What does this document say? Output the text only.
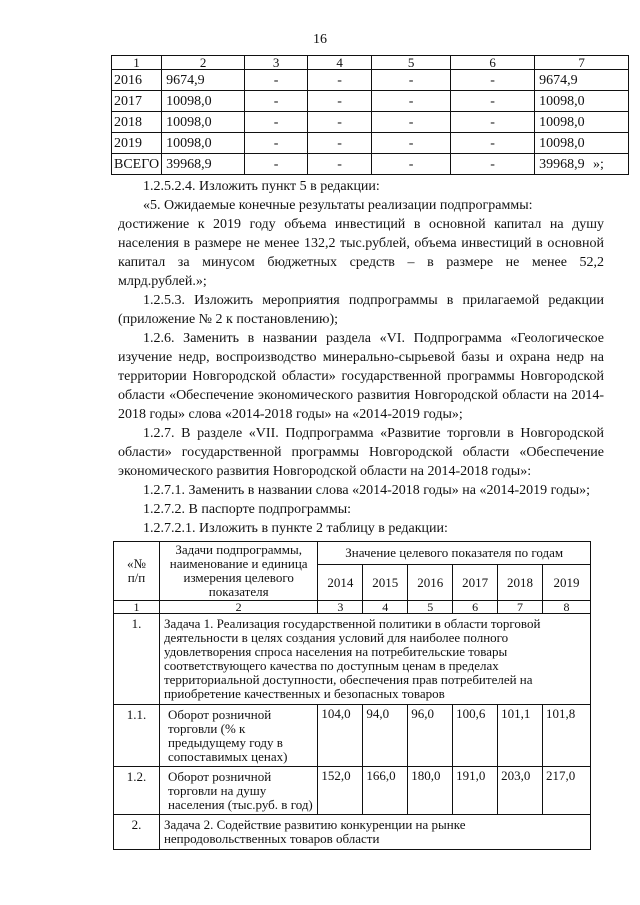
16
1	2	3	4	5	6	7
2016	9674,9	-	-	-	-	9674,9
2017	10098,0	-	-	-	-	10098,0
2018	10098,0	-	-	-	-	10098,0
2019	10098,0	-	-	-	-	10098,0
ВСЕГО	39968,9	-	-	-	-	39968,9 »;

1.2.5.2.4. Изложить пункт 5 в редакции:

«5. Ожидаемые конечные результаты реализации подпрограммы:

достижение к 2019 году объема инвестиций в основной капитал на душу населения в размере не менее 132,2 тыс.рублей, объема инвестиций в основной капитал за минусом бюджетных средств – в размере не менее 52,2 млрд.рублей.»;

1.2.5.3. Изложить мероприятия подпрограммы в прилагаемой редакции (приложение № 2 к постановлению);

1.2.6. Заменить в названии раздела «VI. Подпрограмма «Геологическое изучение недр, воспроизводство минерально-сырьевой базы и охрана недр на территории Новгородской области» государственной программы Новгородской области «Обеспечение экономического развития Новгородской области на 2014-2018 годы» слова «2014-2018 годы» на «2014-2019 годы»;

1.2.7. В разделе «VII. Подпрограмма «Развитие торговли в Новгородской области» государственной программы Новгородской области «Обеспечение экономического развития Новгородской области на 2014-2018 годы»:

1.2.7.1. Заменить в названии слова «2014-2018 годы» на «2014-2019 годы»;

1.2.7.2. В паспорте подпрограммы:

1.2.7.2.1. Изложить в пункте 2 таблицу в редакции:

«№ п/п	Задачи подпрограммы, наименование и единица измерения целевого показателя	Значение целевого показателя по годам					
		2014	2015	2016	2017	2018	2019
1	2	3	4	5	6	7	8
1.	Задача 1. Реализация государственной политики в области торговой деятельности в целях создания условий для наиболее полного удовлетворения спроса населения на потребительские товары соответствующего качества по доступным ценам в пределах территориальной доступности, обеспечения прав потребителей на приобретение качественных и безопасных товаров						
1.1.	Оборот розничной торговли (% к предыдущему году в сопоставимых ценах)	104,0	94,0	96,0	100,6	101,1	101,8
1.2.	Оборот розничной торговли на душу населения (тыс.руб. в год)	152,0	166,0	180,0	191,0	203,0	217,0
2.	Задача 2. Содействие развитию конкуренции на рынке непродовольственных товаров области						
